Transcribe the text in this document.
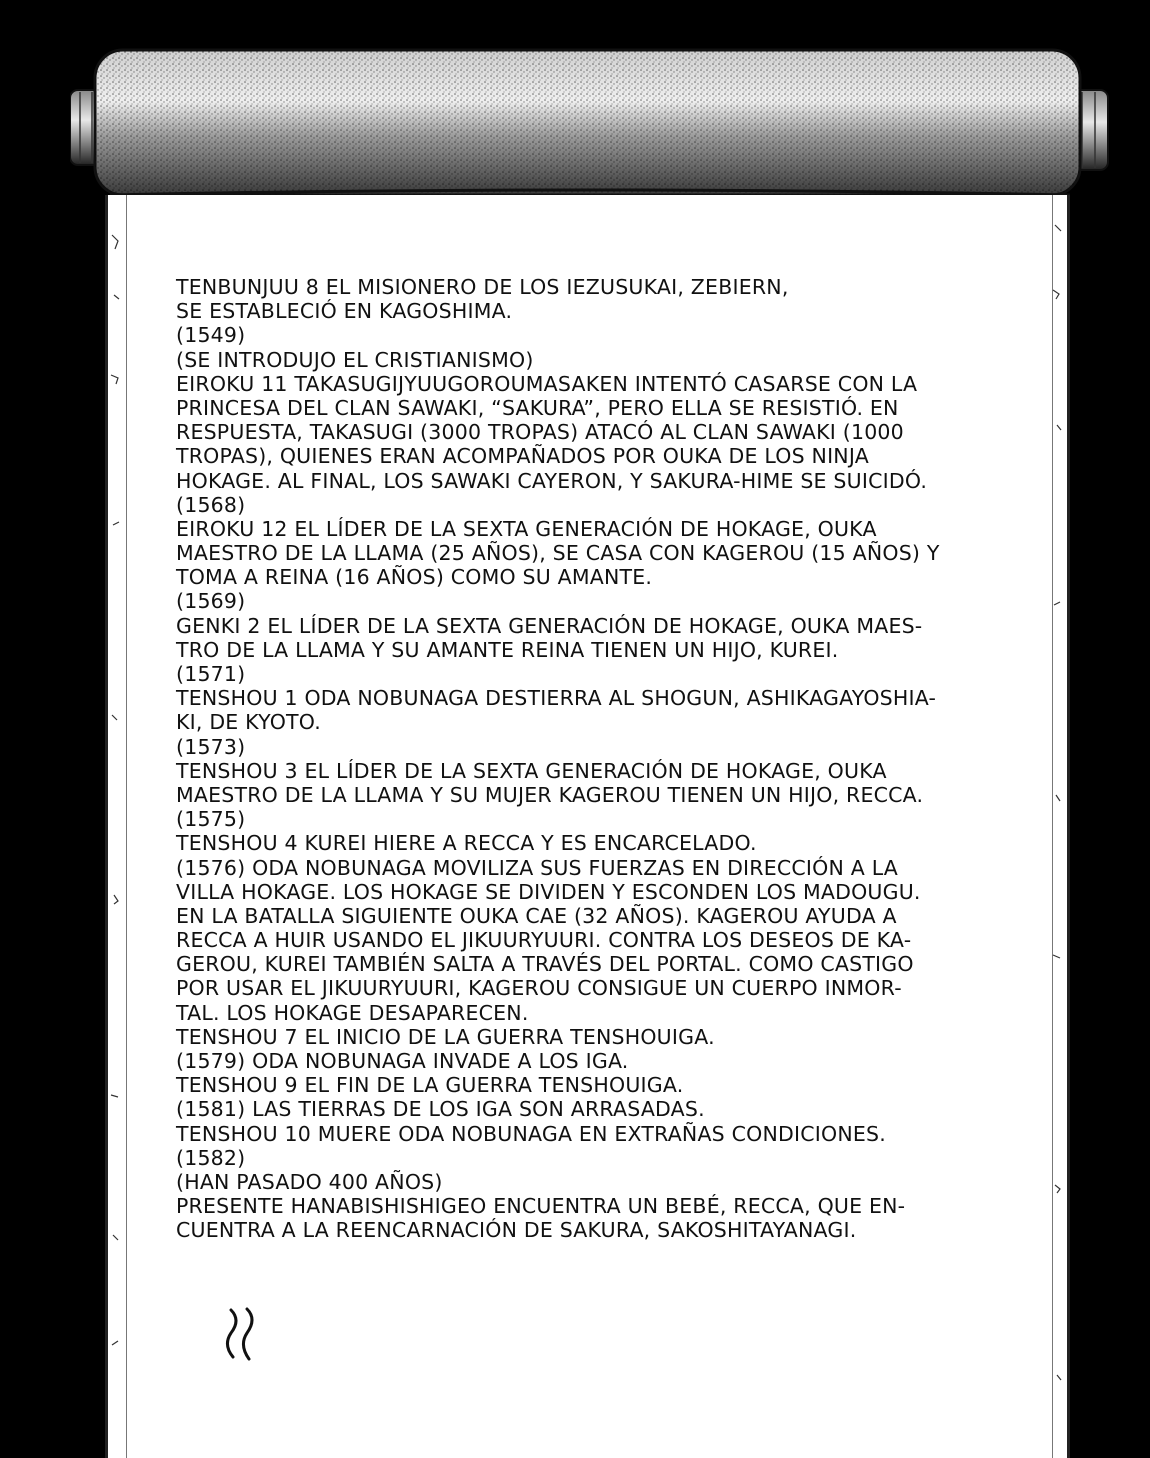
TENBUNJUU 8 EL MISIONERO DE LOS IEZUSUKAI, ZEBIERN,
SE ESTABLECIÓ EN KAGOSHIMA.
(1549)
(SE INTRODUJO EL CRISTIANISMO)
EIROKU 11 TAKASUGIJYUUGOROUMASAKEN INTENTÓ CASARSE CON LA
PRINCESA DEL CLAN SAWAKI, “SAKURA”, PERO ELLA SE RESISTIÓ. EN
RESPUESTA, TAKASUGI (3000 TROPAS) ATACÓ AL CLAN SAWAKI (1000
TROPAS), QUIENES ERAN ACOMPAÑADOS POR OUKA DE LOS NINJA
HOKAGE. AL FINAL, LOS SAWAKI CAYERON, Y SAKURA-HIME SE SUICIDÓ.
(1568)
EIROKU 12 EL LÍDER DE LA SEXTA GENERACIÓN DE HOKAGE, OUKA
MAESTRO DE LA LLAMA (25 AÑOS), SE CASA CON KAGEROU (15 AÑOS) Y
TOMA A REINA (16 AÑOS) COMO SU AMANTE.
(1569)
GENKI 2 EL LÍDER DE LA SEXTA GENERACIÓN DE HOKAGE, OUKA MAES-
TRO DE LA LLAMA Y SU AMANTE REINA TIENEN UN HIJO, KUREI.
(1571)
TENSHOU 1 ODA NOBUNAGA DESTIERRA AL SHOGUN, ASHIKAGAYOSHIA-
KI, DE KYOTO.
(1573)
TENSHOU 3 EL LÍDER DE LA SEXTA GENERACIÓN DE HOKAGE, OUKA
MAESTRO DE LA LLAMA Y SU MUJER KAGEROU TIENEN UN HIJO, RECCA.
(1575)
TENSHOU 4 KUREI HIERE A RECCA Y ES ENCARCELADO.
(1576) ODA NOBUNAGA MOVILIZA SUS FUERZAS EN DIRECCIÓN A LA
VILLA HOKAGE. LOS HOKAGE SE DIVIDEN Y ESCONDEN LOS MADOUGU.
EN LA BATALLA SIGUIENTE OUKA CAE (32 AÑOS). KAGEROU AYUDA A
RECCA A HUIR USANDO EL JIKUURYUURI. CONTRA LOS DESEOS DE KA-
GEROU, KUREI TAMBIÉN SALTA A TRAVÉS DEL PORTAL. COMO CASTIGO
POR USAR EL JIKUURYUURI, KAGEROU CONSIGUE UN CUERPO INMOR-
TAL. LOS HOKAGE DESAPARECEN.
TENSHOU 7 EL INICIO DE LA GUERRA TENSHOUIGA.
(1579) ODA NOBUNAGA INVADE A LOS IGA.
TENSHOU 9 EL FIN DE LA GUERRA TENSHOUIGA.
(1581) LAS TIERRAS DE LOS IGA SON ARRASADAS.
TENSHOU 10 MUERE ODA NOBUNAGA EN EXTRAÑAS CONDICIONES.
(1582)
(HAN PASADO 400 AÑOS)
PRESENTE HANABISHISHIGEO ENCUENTRA UN BEBÉ, RECCA, QUE EN-
CUENTRA A LA REENCARNACIÓN DE SAKURA, SAKOSHITAYANAGI.
